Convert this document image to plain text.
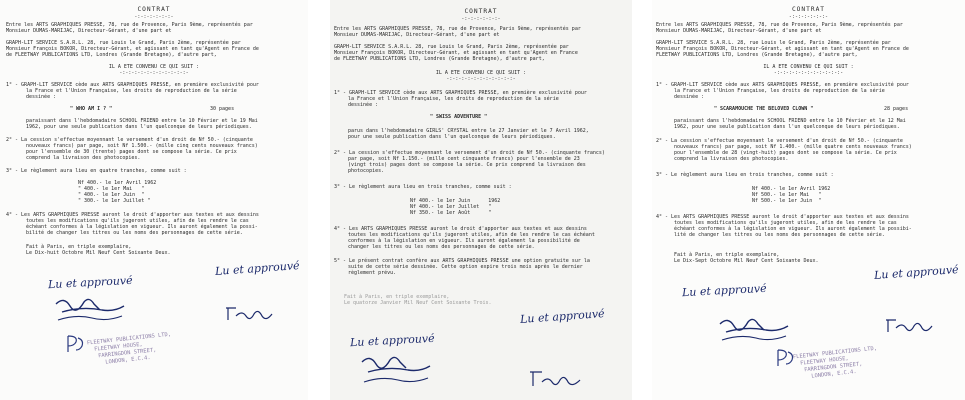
CONTRAT
-:-:-:-:-:-:-
Entre les ARTS GRAPHIQUES PRESSE, 78, rue de Provence, Paris 9ème, représentés par
Monsieur DUMAS-MARIJAC, Directeur-Gérant, d'une part et
GRAPH-LIT SERVICE S.A.R.L. 28, rue Louis le Grand, Paris 2ème, représentée par
Monsieur François BOKOR, Directeur-Gérant, et agissant en tant qu'Agent en France de
de FLEETWAY PUBLICATIONS LTD, Londres (Grande Bretagne), d'autre part,
IL A ETE CONVENU CE QUI SUIT :
-:-:-:-:-:-:-:-:-:-:-:-
1° - GRAPH-LIT SERVICE cède aux ARTS GRAPHIQUES PRESSE, en première exclusivité pour
la France et l'Union Française, les droits de reproduction de la série
dessinée :
" WHO AM I ? "	30 pages
paraissant dans l'hebdomadaire SCHOOL FRIEND entre le 10 Février et le 19 Mai
1962, pour une seule publication dans l'un quelconque de leurs périodiques.
2° - La cession s'effectue moyennant le versement d'un droit de Nf 50.- (cinquante
nouveaux francs) par page, soit Nf 1.500.- (mille cinq cents nouveaux francs)
pour l'ensemble de 30 (trente) pages dont se compose la série. Ce prix
comprend la livraison des photocopies.
3° - Le règlement aura lieu en quatre tranches, comme suit :
Nf 400.- le 1er Avril 1962
" 400.- le 1er Mai   "
" 400.- le 1er Juin  "
" 300.- le 1er Juillet "
4° - Les ARTS GRAPHIQUES PRESSE auront le droit d'apporter aux textes et aux dessins
toutes les modifications qu'ils jugeront utiles, afin de les rendre le cas
échéant conformes à la législation en vigueur. Ils auront également la possi-
bilité de changer les titres ou les noms des personnages de cette série.
Fait à Paris, en triple exemplaire,
Le Dix-huit Octobre Mil Neuf Cent Soixante Deux.
Lu et approuvé
Lu et approuvé
FLEETWAY PUBLICATIONS LTD,
FLEETWAY HOUSE,
FARRINGDON STREET,
LONDON, E.C.4.
CONTRAT
-:-:-:-:-:-:-
Entre les ARTS GRAPHIQUES PRESSE, 78, rue de Provence, Paris 9ème, représentés par
Monsieur DUMAS-MARIJAC, Directeur-Gérant, d'une part et
GRAPH-LIT SERVICE S.A.R.L. 28, rue Louis le Grand, Paris 2ème, représentée par
Monsieur François BOKOR, Directeur-Gérant, et agissant en tant qu'Agent en France
de FLEETWAY PUBLICATIONS LTD, Londres (Grande Bretagne), d'autre part,
IL A ETE CONVENU CE QUI SUIT :
-:-:-:-:-:-:-:-:-:-:-:-
1° - GRAPH-LIT SERVICE cède aux ARTS GRAPHIQUES PRESSE, en première exclusivité pour
la France et l'Union Française, les droits de reproduction de la série
dessinée :
" SWISS ADVENTURE "
parus dans l'hebdomadaire GIRLS' CRYSTAL entre le 27 Janvier et le 7 Avril 1962,
pour une seule publication dans l'un quelconque de leurs périodiques.
2° - La cession s'effectue moyennant le versement d'un droit de Nf 50.- (cinquante francs)
par page, soit Nf 1.150.- (mille cent cinquante francs) pour l'ensemble de 23
(vingt trois) pages dont se compose la série. Ce prix comprend la livraison des
photocopies.
3° - Le règlement aura lieu en trois tranches, comme suit :
Nf 400.- le 1er Juin      1962
Nf 400.- le 1er Juillet   "
Nf 350.- le 1er Août      "
4° - Les ARTS GRAPHIQUES PRESSE auront le droit d'apporter aux textes et aux dessins
toutes les modifications qu'ils jugeront utiles, afin de les rendre le cas échéant
conformes à la législation en vigueur. Ils auront également la possibilité de
changer les titres ou les noms des personnages de cette série.
5° - Le présent contrat confère aux ARTS GRAPHIQUES PRESSE une option gratuite sur la
suite de cette série dessinée. Cette option expire trois mois après le dernier
règlement prévu.
Fait à Paris, en triple exemplaire,
Le quatorze Janvier Mil Neuf Cent Soixante Trois.
Lu et approuvé
Lu et approuvé
CONTRAT
-:-:-:-:-:-:-
Entre les ARTS GRAPHIQUES PRESSE, 78, rue de Provence, Paris 9ème, représentés par
Monsieur DUMAS-MARIJAC, Directeur-Gérant, d'une part et
GRAPH-LIT SERVICE S.A.R.L. 28, rue Louis le Grand, Paris 2ème, représentée par
Monsieur François BOKOR, Directeur-Gérant, et agissant en tant qu'Agent en France de
FLEETWAY PUBLICATIONS LTD, Londres (Grande Bretagne), d'autre part,
IL A ETE CONVENU CE QUI SUIT :
-:-:-:-:-:-:-:-:-:-:-:-
1° - GRAPH-LIT SERVICE cède aux ARTS GRAPHIQUES PRESSE, en première exclusivité pour
la France et l'Union Française, les droits de reproduction de la série
dessinée :
" SCARAMOUCHE THE BELOVED CLOWN "	28 pages
paraissant dans l'hebdomadaire SCHOOL FRIEND entre le 10 Février et le 12 Mai
1962, pour une seule publication dans l'un quelconque de leurs périodiques.
2° - La cession s'effectue moyennant le versement d'un droit de Nf 50.- (cinquante
nouveaux francs) par page, soit Nf 1.400.- (mille quatre cents nouveaux francs)
pour l'ensemble de 28 (vingt-huit) pages dont se compose la série. Ce prix
comprend la livraison des photocopies.
3° - Le règlement aura lieu en trois tranches, comme suit :
Nf 400.- le 1er Avril 1962
Nf 500.- le 1er Mai   "
Nf 500.- le 1er Juin  "
4° - Les ARTS GRAPHIQUES PRESSE auront le droit d'apporter aux textes et aux dessins
toutes les modifications qu'ils jugeront utiles, afin de les rendre le cas
échéant conformes à la législation en vigueur. Ils auront également la possibi-
lité de changer les titres ou les noms des personnages de cette série.
Fait à Paris, en triple exemplaire,
Le Dix-Sept Octobre Mil Neuf Cent Soixante Deux.
Lu et approuvé
Lu et approuvé
FLEETWAY PUBLICATIONS LTD,
FLEETWAY HOUSE,
FARRINGDON STREET,
LONDON, E.C.4.
